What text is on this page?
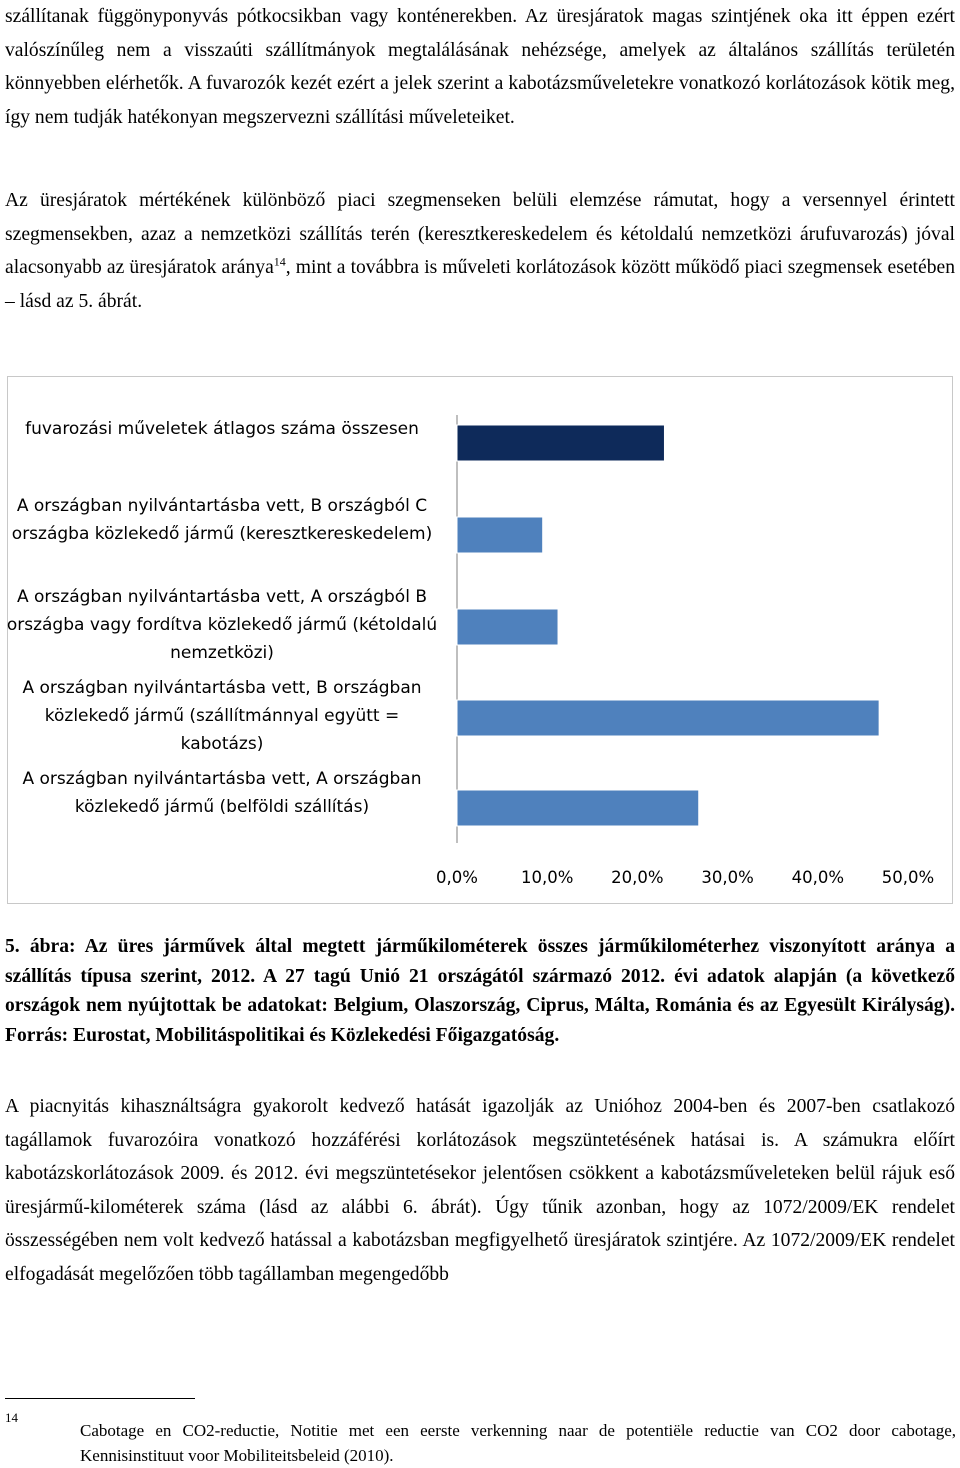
szállítanak függönyponyvás pótkocsikban vagy konténerekben. Az üresjáratok magas szintjének oka itt éppen ezért valószínűleg nem a visszaúti szállítmányok megtalálásának nehézsége, amelyek az általános szállítás területén könnyebben elérhetők. A fuvarozók kezét ezért a jelek szerint a kabotázsműveletekre vonatkozó korlátozások kötik meg, így nem tudják hatékonyan megszervezni szállítási műveleteiket.

Az üresjáratok mértékének különböző piaci szegmenseken belüli elemzése rámutat, hogy a versennyel érintett szegmensekben, azaz a nemzetközi szállítás terén (keresztkereskedelem és kétoldalú nemzetközi árufuvarozás) jóval alacsonyabb az üresjáratok aránya$^{14}$, mint a továbbra is műveleti korlátozások között működő piaci szegmensek esetében – lásd az 5. ábrát.

fuvarozási műveletek átlagos száma összesen
A országban nyilvántartásba vett, B országból C országba közlekedő jármű (keresztkereskedelem)
A országban nyilvántartásba vett, A országból B országba vagy fordítva közlekedő jármű (kétoldalú nemzetközi)
A országban nyilvántartásba vett, B országban közlekedő jármű (szállítmánnyal együtt = kabotázs)
A országban nyilvántartásba vett, A országban közlekedő jármű (belföldi szállítás)
0,0%	10,0%	20,0%	30,0%	40,0%	50,0%

5. ábra: Az üres járművek által megtett járműkilométerek összes járműkilométerhez viszonyított aránya a szállítás típusa szerint, 2012. A 27 tagú Unió 21 országától származó 2012. évi adatok alapján (a következő országok nem nyújtottak be adatokat: Belgium, Olaszország, Ciprus, Málta, Románia és az Egyesült Királyság). Forrás: Eurostat, Mobilitáspolitikai és Közlekedési Főigazgatóság.

A piacnyitás kihasználtságra gyakorolt kedvező hatását igazolják az Unióhoz 2004-ben és 2007-ben csatlakozó tagállamok fuvarozóira vonatkozó hozzáférési korlátozások megszüntetésének hatásai is. A számukra előírt kabotázskorlátozások 2009. és 2012. évi megszüntetésekor jelentősen csökkent a kabotázsműveleteken belül rájuk eső üresjármű-kilométerek száma (lásd az alábbi 6. ábrát). Úgy tűnik azonban, hogy az 1072/2009/EK rendelet összességében nem volt kedvező hatással a kabotázsban megfigyelhető üresjáratok szintjére. Az 1072/2009/EK rendelet elfogadását megelőzően több tagállamban megengedőbb

14

Cabotage en CO2-reductie, Notitie met een eerste verkenning naar de potentiële reductie van CO2 door cabotage, Kennisinstituut voor Mobiliteitsbeleid (2010).
